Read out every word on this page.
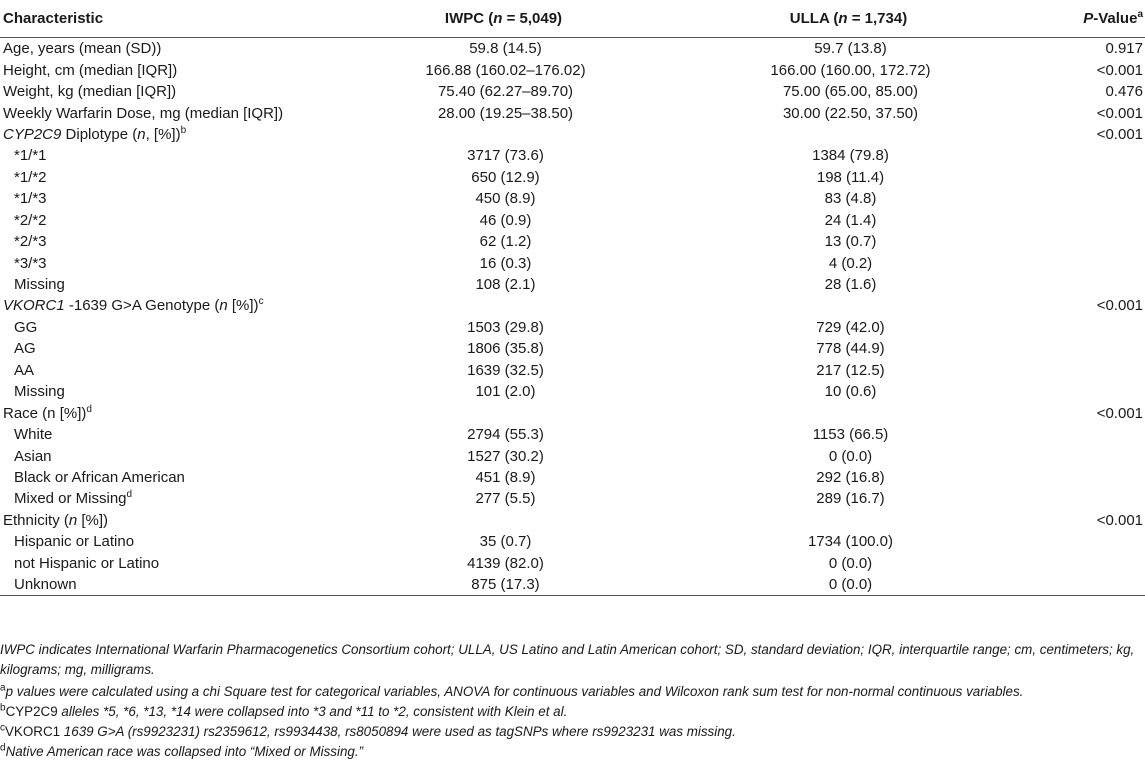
Characteristic	IWPC (n = 5,049)	ULLA (n = 1,734)	P-Value$^a$
Age, years (mean (SD))	59.8 (14.5)	59.7 (13.8)	0.917
Height, cm (median [IQR])	166.88 (160.02–176.02)	166.00 (160.00, 172.72)	<0.001
Weight, kg (median [IQR])	75.40 (62.27–89.70)	75.00 (65.00, 85.00)	0.476
Weekly Warfarin Dose, mg (median [IQR])	28.00 (19.25–38.50)	30.00 (22.50, 37.50)	<0.001
CYP2C9 Diplotype (n, [%])$^b$			<0.001
*1/*1	3717 (73.6)	1384 (79.8)	
*1/*2	650 (12.9)	198 (11.4)	
*1/*3	450 (8.9)	83 (4.8)	
*2/*2	46 (0.9)	24 (1.4)	
*2/*3	62 (1.2)	13 (0.7)	
*3/*3	16 (0.3)	4 (0.2)	
Missing	108 (2.1)	28 (1.6)	
VKORC1 -1639 G>A Genotype (n [%])$^c$			<0.001
GG	1503 (29.8)	729 (42.0)	
AG	1806 (35.8)	778 (44.9)	
AA	1639 (32.5)	217 (12.5)	
Missing	101 (2.0)	10 (0.6)	
Race (n [%])$^d$			<0.001
White	2794 (55.3)	1153 (66.5)	
Asian	1527 (30.2)	0 (0.0)	
Black or African American	451 (8.9)	292 (16.8)	
Mixed or Missing$^d$	277 (5.5)	289 (16.7)	
Ethnicity (n [%])			<0.001
Hispanic or Latino	35 (0.7)	1734 (100.0)	
not Hispanic or Latino	4139 (82.0)	0 (0.0)	
Unknown	875 (17.3)	0 (0.0)	
IWPC indicates International Warfarin Pharmacogenetics Consortium cohort; ULLA, US Latino and Latin American cohort; SD, standard deviation; IQR, interquartile range; cm, centimeters; kg, kilograms; mg, milligrams.
$^a$p values were calculated using a chi Square test for categorical variables, ANOVA for continuous variables and Wilcoxon rank sum test for non-normal continuous variables.
$^b$CYP2C9 alleles *5, *6, *13, *14 were collapsed into *3 and *11 to *2, consistent with Klein et al.
$^c$VKORC1 1639 G>A (rs9923231) rs2359612, rs9934438, rs8050894 were used as tagSNPs where rs9923231 was missing.
$^d$Native American race was collapsed into “Mixed or Missing.”
